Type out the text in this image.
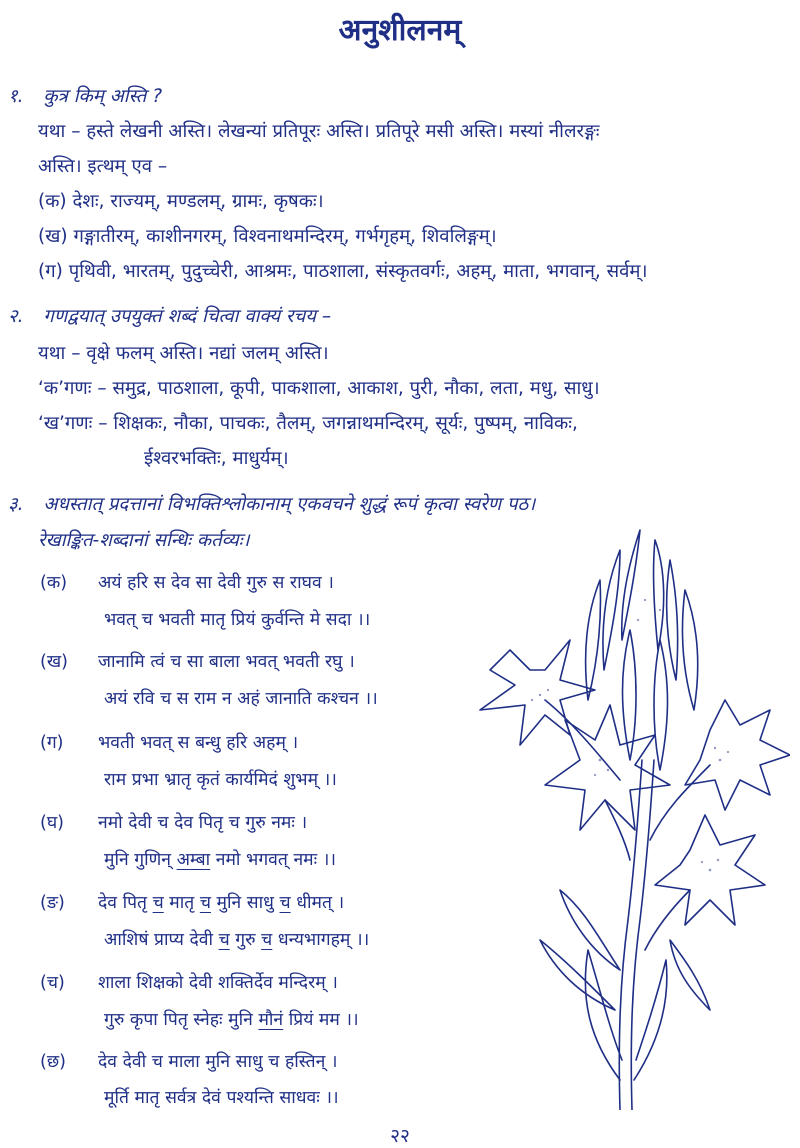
अनुशीलनम्
१. कुत्र किम् अस्ति ?
यथा – हस्ते लेखनी अस्ति। लेखन्यां प्रतिपूरः अस्ति। प्रतिपूरे मसी अस्ति। मस्यां नीलरङ्गः
अस्ति। इत्थम् एव –
(क) देशः, राज्यम्, मण्डलम्, ग्रामः, कृषकः।
(ख) गङ्गातीरम्, काशीनगरम्, विश्वनाथमन्दिरम्, गर्भगृहम्, शिवलिङ्गम्।
(ग) पृथिवी, भारतम्, पुदुच्चेरी, आश्रमः, पाठशाला, संस्कृतवर्गः, अहम्, माता, भगवान्, सर्वम्।
२. गणद्वयात् उपयुक्तं शब्दं चित्वा वाक्यं रचय –
यथा – वृक्षे फलम् अस्ति। नद्यां जलम् अस्ति।
‘क’गणः – समुद्र, पाठशाला, कूपी, पाकशाला, आकाश, पुरी, नौका, लता, मधु, साधु।
‘ख’गणः – शिक्षकः, नौका, पाचकः, तैलम्, जगन्नाथमन्दिरम्, सूर्यः, पुष्पम्, नाविकः,
ईश्वरभक्तिः, माधुर्यम्।
३. अधस्तात् प्रदत्तानां विभक्तिश्लोकानाम् एकवचने शुद्धं रूपं कृत्वा स्वरेण पठ।
रेखाङ्कित-शब्दानां सन्धिः कर्तव्यः।
(क) अयं हरि स देव सा देवी गुरु स राघव ।
भवत् च भवती मातृ प्रियं कुर्वन्ति मे सदा ।।
(ख) जानामि त्वं च सा बाला भवत् भवती रघु ।
अयं रवि च स राम न अहं जानाति कश्चन ।।
(ग) भवती भवत् स बन्धु हरि अहम् ।
राम प्रभा भ्रातृ कृतं कार्यमिदं शुभम् ।।
(घ) नमो देवी च देव पितृ च गुरु नमः ।
मुनि गुणिन् अम्बा नमो भगवत् नमः ।।
(ङ) देव पितृ च मातृ च मुनि साधु च धीमत् ।
आशिषं प्राप्य देवी च गुरु च धन्यभागहम् ।।
(च) शाला शिक्षको देवी शक्तिर्देव मन्दिरम् ।
गुरु कृपा पितृ स्नेहः मुनि मौनं प्रियं मम ।।
(छ) देव देवी च माला मुनि साधु च हस्तिन् ।
मूर्ति मातृ सर्वत्र देवं पश्यन्ति साधवः ।।
२२
